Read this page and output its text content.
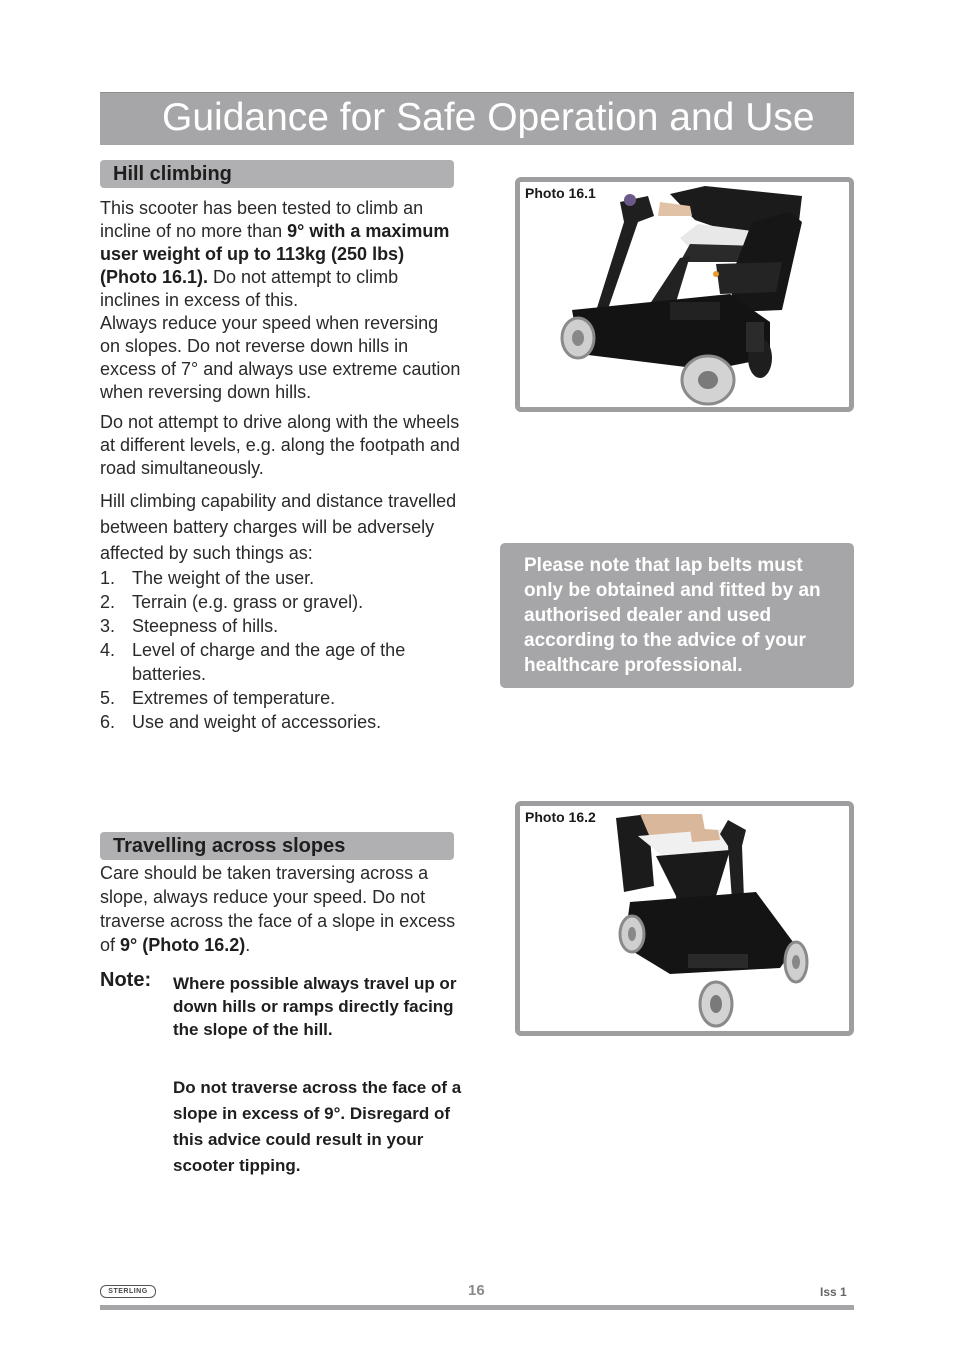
Guidance for Safe Operation and Use
Hill climbing

This scooter has been tested to climb an incline of no more than 9° with a maximum user weight of up to 113kg (250 lbs) (Photo 16.1). Do not attempt to climb inclines in excess of this.

Always reduce your speed when reversing on slopes. Do not reverse down hills in excess of 7° and always use extreme caution when reversing down hills.

Do not attempt to drive along with the wheels at different levels, e.g. along the footpath and road simultaneously.

Hill climbing capability and distance travelled between battery charges will be adversely affected by such things as:

1. The weight of the user.
2. Terrain (e.g. grass or gravel).
3. Steepness of hills.
4. Level of charge and the age of the batteries.
5. Extremes of temperature.
6. Use and weight of accessories.
Photo 16.1
Please note that lap belts must only be obtained and fitted by an authorised dealer and used according to the advice of your healthcare professional.
Travelling across slopes

Care should be taken traversing across a slope, always reduce your speed. Do not traverse across the face of a slope in excess of 9° (Photo 16.2).

Note: Where possible always travel up or down hills or ramps directly facing the slope of the hill.
Do not traverse across the face of a slope in excess of 9°. Disregard of this advice could result in your scooter tipping.
Photo 16.2
STERLING	16	Iss 1
